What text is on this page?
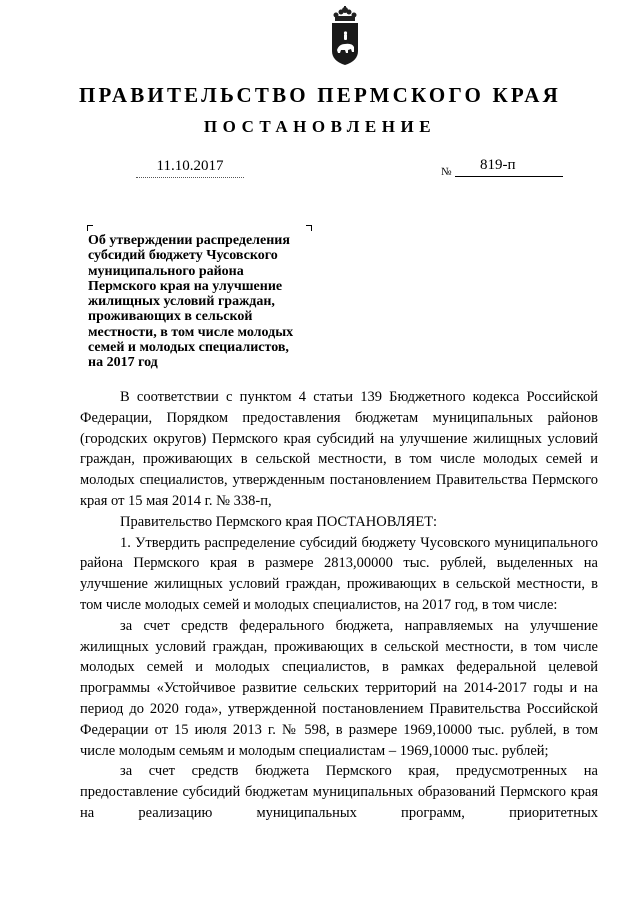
ПРАВИТЕЛЬСТВО ПЕРМСКОГО КРАЯ
ПОСТАНОВЛЕНИЕ
11.10.2017	№	819-п
Об утверждении распределения
субсидий бюджету Чусовского
муниципального района
Пермского края на улучшение
жилищных условий граждан,
проживающих в сельской
местности, в том числе молодых
семей и молодых специалистов,
на 2017 год

В соответствии с пунктом 4 статьи 139 Бюджетного кодекса Российской Федерации, Порядком предоставления бюджетам муниципальных районов (городских округов) Пермского края субсидий на улучшение жилищных условий граждан, проживающих в сельской местности, в том числе молодых семей и молодых специалистов, утвержденным постановлением Правительства Пермского края от 15 мая 2014 г. № 338-п,

Правительство Пермского края ПОСТАНОВЛЯЕТ:

1. Утвердить распределение субсидий бюджету Чусовского муниципального района Пермского края в размере 2813,00000 тыс. рублей, выделенных на улучшение жилищных условий граждан, проживающих в сельской местности, в том числе молодых семей и молодых специалистов, на 2017 год, в том числе:

за счет средств федерального бюджета, направляемых на улучшение жилищных условий граждан, проживающих в сельской местности, в том числе молодых семей и молодых специалистов, в рамках федеральной целевой программы «Устойчивое развитие сельских территорий на 2014-2017 годы и на период до 2020 года», утвержденной постановлением Правительства Российской Федерации от 15 июля 2013 г. № 598, в размере 1969,10000 тыс. рублей, в том числе молодым семьям и молодым специалистам – 1969,10000 тыс. рублей;

за счет средств бюджета Пермского края, предусмотренных на предоставление субсидий бюджетам муниципальных образований Пермского края на реализацию муниципальных программ, приоритетных
